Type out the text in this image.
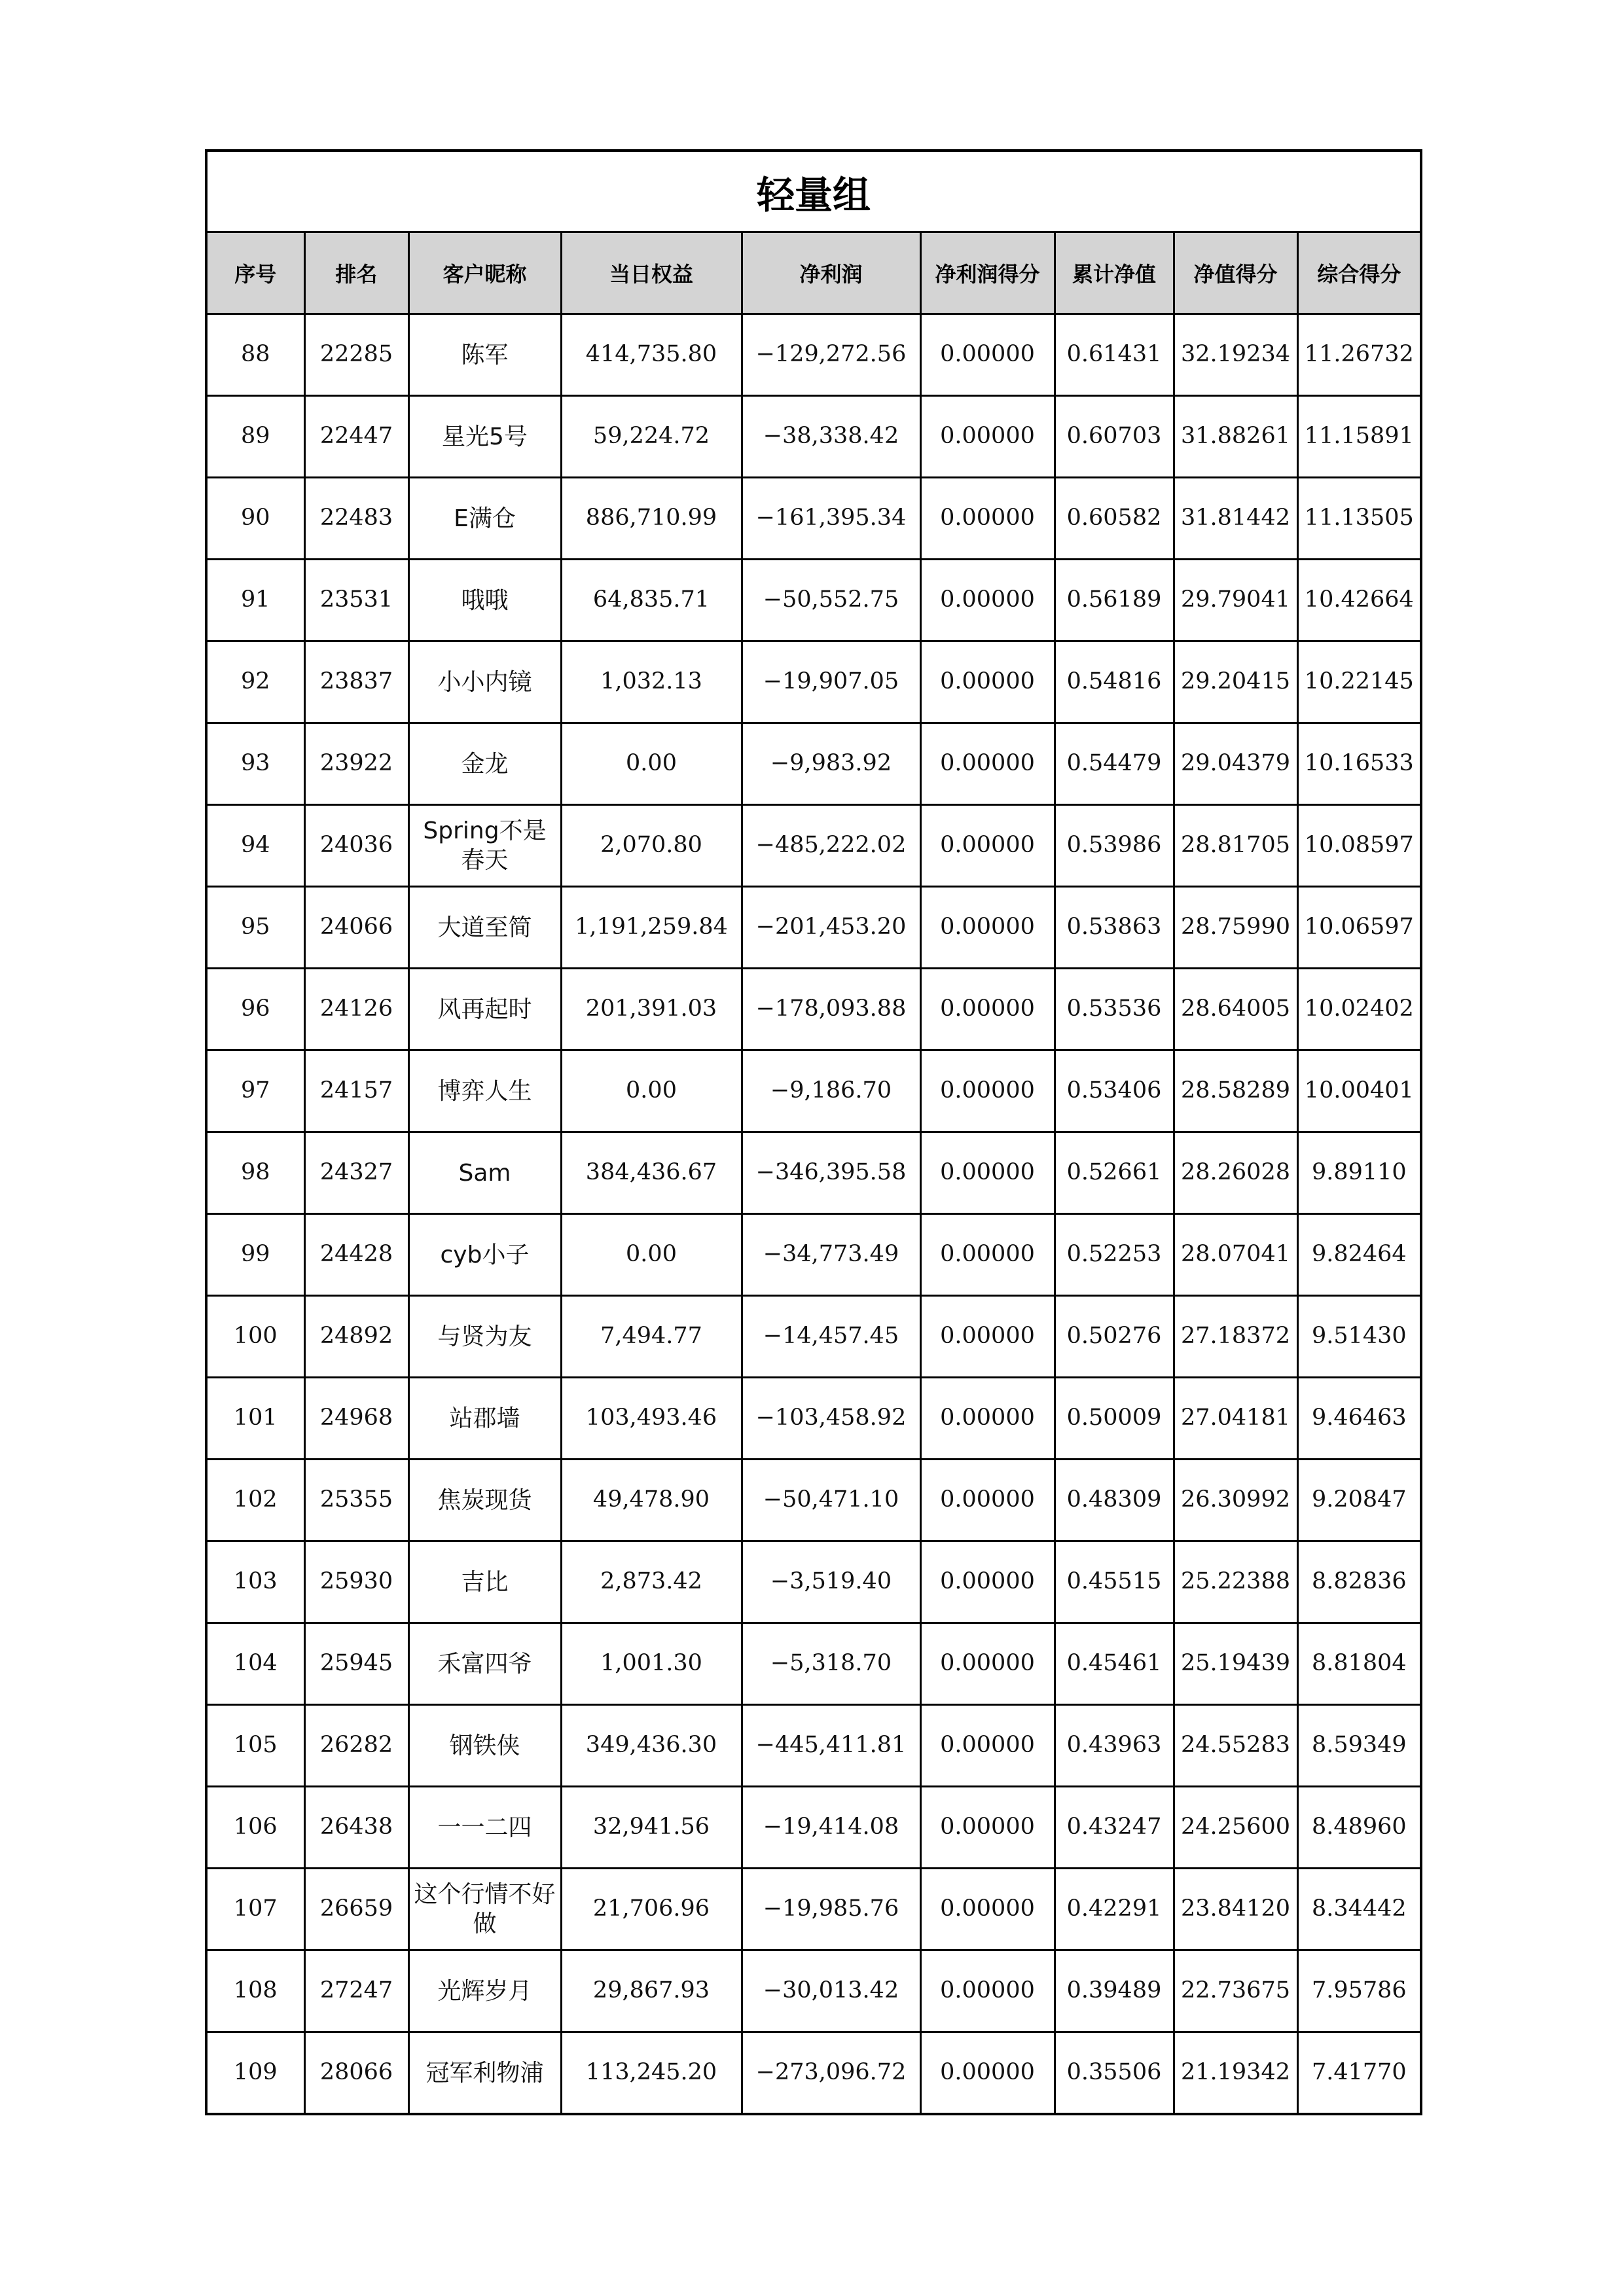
轻量组								
序号	排名	客户昵称	当日权益	净利润	净利润得分	累计净值	净值得分	综合得分
88	22285	陈军	414,735.80	−129,272.56	0.00000	0.61431	32.19234	11.26732
89	22447	星光5号	59,224.72	−38,338.42	0.00000	0.60703	31.88261	11.15891
90	22483	E满仓	886,710.99	−161,395.34	0.00000	0.60582	31.81442	11.13505
91	23531	哦哦	64,835.71	−50,552.75	0.00000	0.56189	29.79041	10.42664
92	23837	小小内镜	1,032.13	−19,907.05	0.00000	0.54816	29.20415	10.22145
93	23922	金龙	0.00	−9,983.92	0.00000	0.54479	29.04379	10.16533
94	24036	Spring不是春天	2,070.80	−485,222.02	0.00000	0.53986	28.81705	10.08597
95	24066	大道至简	1,191,259.84	−201,453.20	0.00000	0.53863	28.75990	10.06597
96	24126	风再起时	201,391.03	−178,093.88	0.00000	0.53536	28.64005	10.02402
97	24157	博弈人生	0.00	−9,186.70	0.00000	0.53406	28.58289	10.00401
98	24327	Sam	384,436.67	−346,395.58	0.00000	0.52661	28.26028	9.89110
99	24428	cyb小子	0.00	−34,773.49	0.00000	0.52253	28.07041	9.82464
100	24892	与贤为友	7,494.77	−14,457.45	0.00000	0.50276	27.18372	9.51430
101	24968	站郡墙	103,493.46	−103,458.92	0.00000	0.50009	27.04181	9.46463
102	25355	焦炭现货	49,478.90	−50,471.10	0.00000	0.48309	26.30992	9.20847
103	25930	吉比	2,873.42	−3,519.40	0.00000	0.45515	25.22388	8.82836
104	25945	禾富四爷	1,001.30	−5,318.70	0.00000	0.45461	25.19439	8.81804
105	26282	钢铁侠	349,436.30	−445,411.81	0.00000	0.43963	24.55283	8.59349
106	26438	一一二四	32,941.56	−19,414.08	0.00000	0.43247	24.25600	8.48960
107	26659	这个行情不好做	21,706.96	−19,985.76	0.00000	0.42291	23.84120	8.34442
108	27247	光辉岁月	29,867.93	−30,013.42	0.00000	0.39489	22.73675	7.95786
109	28066	冠军利物浦	113,245.20	−273,096.72	0.00000	0.35506	21.19342	7.41770
